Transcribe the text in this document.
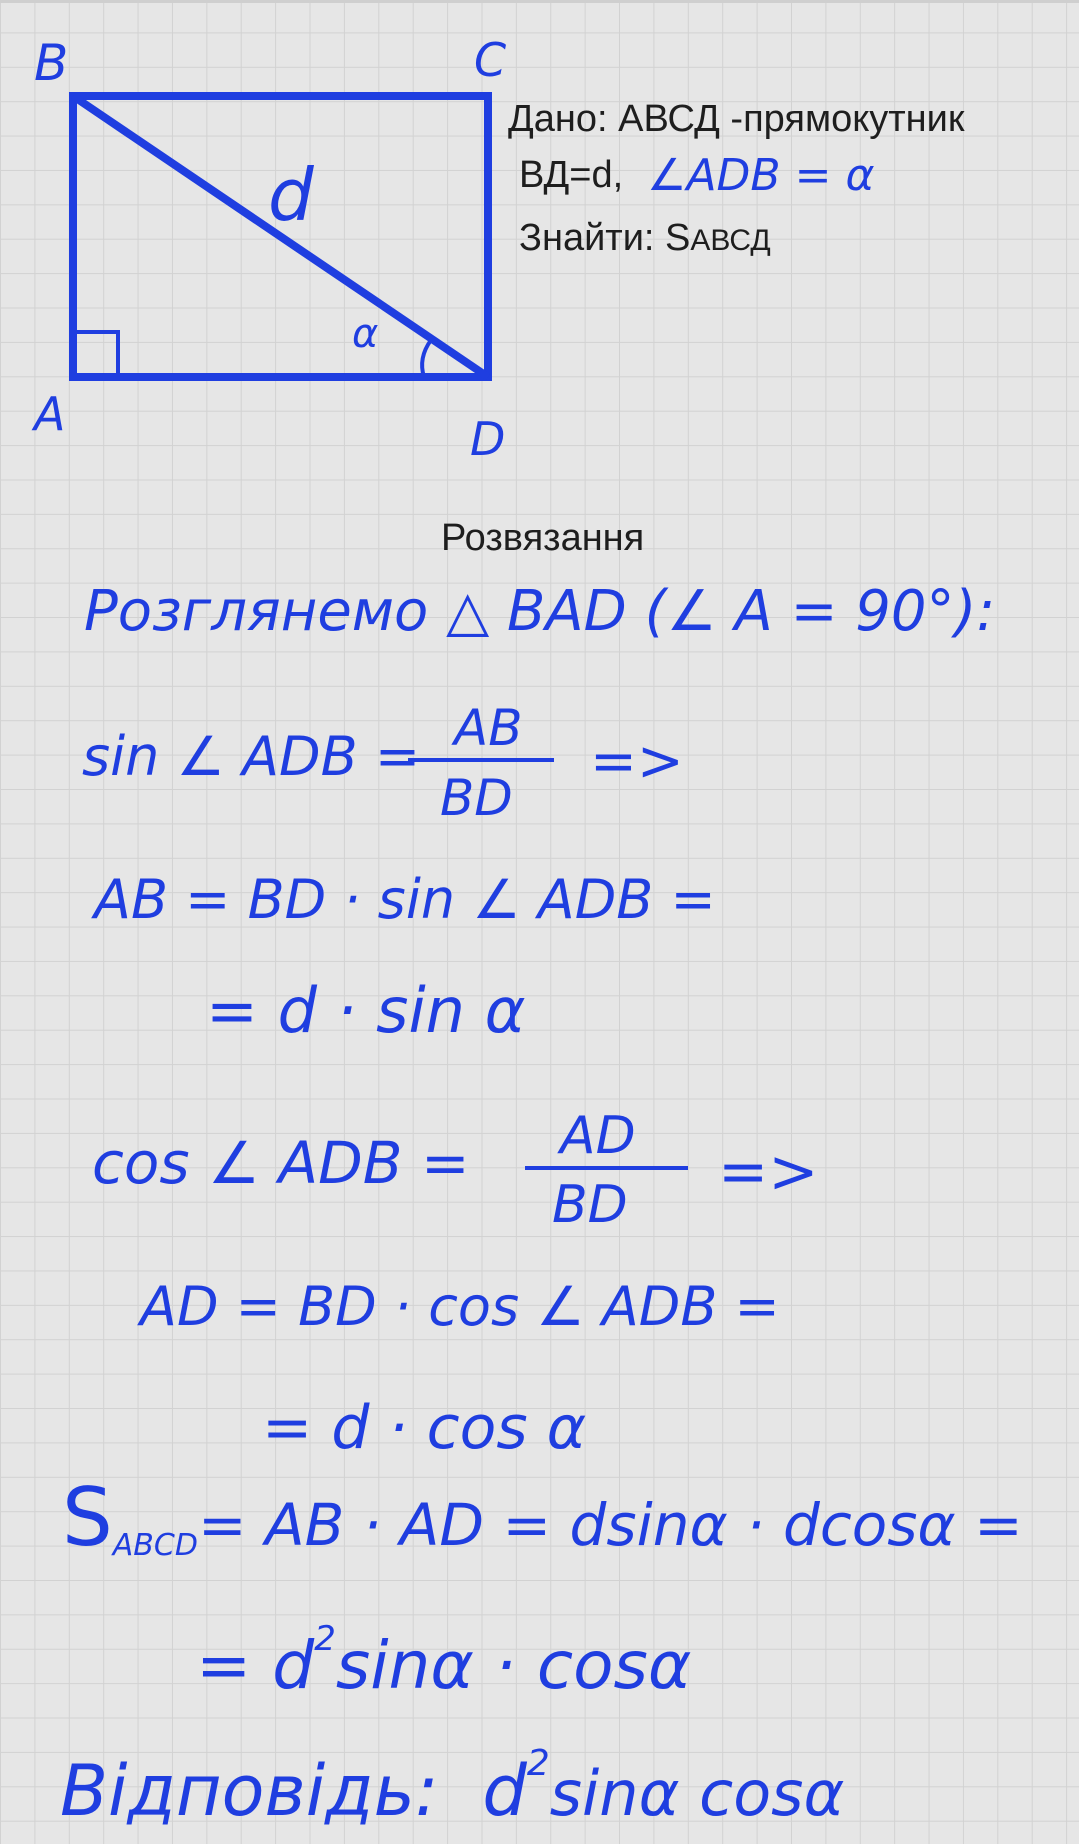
B	C
A	D
d
α
Дано: АВСД -прямокутник
ВД=d, ∠ADB = α
Знайти: SАВСД
Розвязання
Розглянемо △ BAD (∠ A = 90°):
sin ∠ ADB = AB
BD
=>
AB = BD · sin ∠ ADB =
= d · sin α
cos ∠ ADB = AD
BD =>
AD = BD · cos ∠ ADB =
= d · cos α
SABCD= AB · AD = dsinα · dcosα =
= $d^2\sin\alpha \cdot \cos\alpha$
Відповідь: $d^2\sin\alpha$ cosα
